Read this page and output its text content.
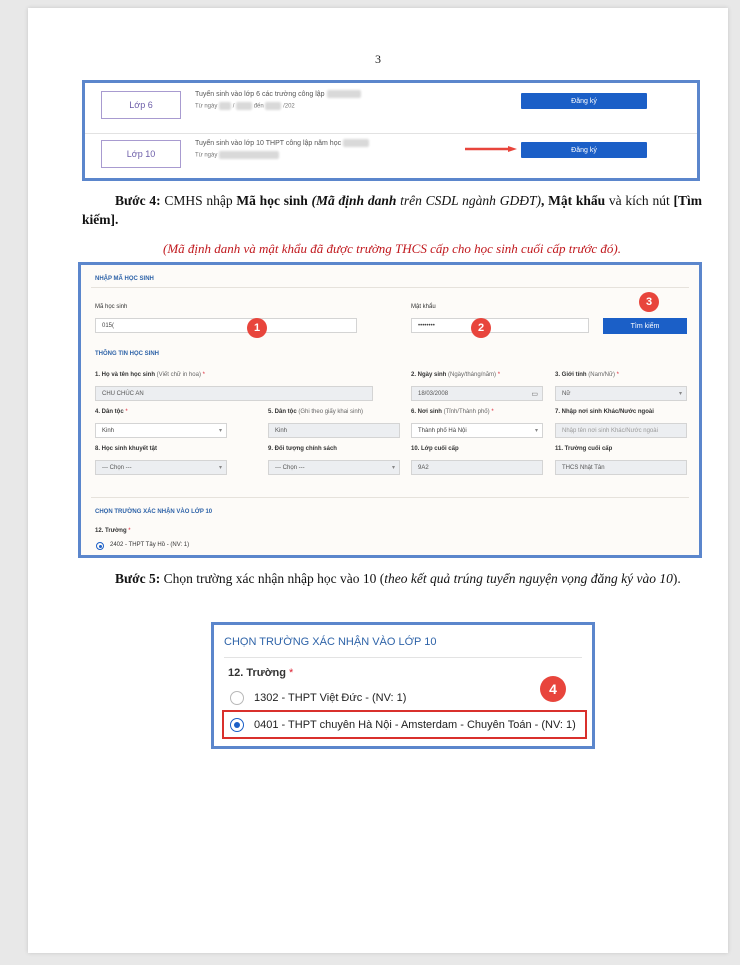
3
Lớp 6
Tuyển sinh vào lớp 6 các trường công lập
Từ ngày  /	đến	/202
Đăng ký
Lớp 10
Tuyển sinh vào lớp 10 THPT công lập năm học
Từ ngày
Đăng ký
Bước 4: CMHS nhập Mã học sinh (Mã định danh trên CSDL ngành GDĐT), Mật khẩu và kích nút [Tìm kiếm].
(Mã định danh và mật khẩu đã được trường THCS cấp cho học sinh cuối cấp trước đó).
NHẬP MÃ HỌC SINH
Mã học sinh
015(	1
Mật khẩu
••••••••	2
3
Tìm kiếm
THÔNG TIN HỌC SINH
1. Họ và tên học sinh (Viết chữ in hoa) *
CHU CHÚC AN
2. Ngày sinh (Ngày/tháng/năm) *
18/03/2008	▭
3. Giới tính (Nam/Nữ) *
Nữ ▾
4. Dân tộc *
Kinh ▾
5. Dân tộc (Ghi theo giấy khai sinh)
Kinh
6. Nơi sinh (Tỉnh/Thành phố) *
Thành phố Hà Nội ▾
7. Nhập nơi sinh Khác/Nước ngoài
Nhập tên nơi sinh Khác/Nước ngoài
8. Học sinh khuyết tật
--- Chọn --- ▾
9. Đối tượng chính sách
--- Chọn --- ▾
10. Lớp cuối cấp
9A2
11. Trường cuối cấp
THCS Nhật Tân
CHỌN TRƯỜNG XÁC NHẬN VÀO LỚP 10
12. Trường *
2402 - THPT Tây Hồ - (NV: 1)
Bước 5: Chọn trường xác nhận nhập học vào 10 (theo kết quả trúng tuyển nguyện vọng đăng ký vào 10).
CHỌN TRƯỜNG XÁC NHẬN VÀO LỚP 10
12. Trường *
4
1302 - THPT Việt Đức - (NV: 1)
0401 - THPT chuyên Hà Nội - Amsterdam - Chuyên Toán - (NV: 1)
